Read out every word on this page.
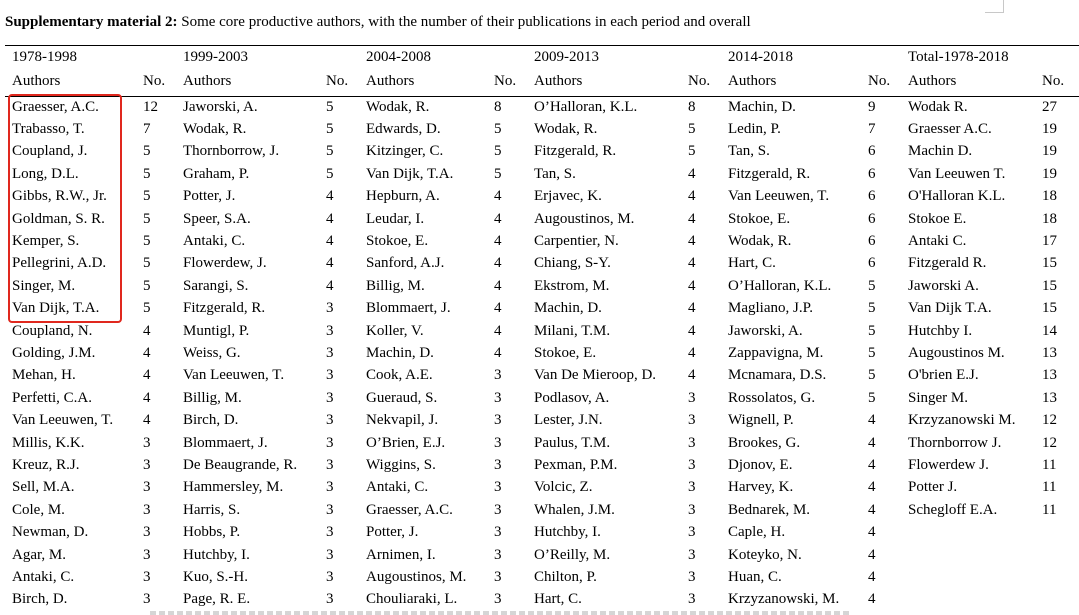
Supplementary material 2: Some core productive authors, with the number of their publications in each period and overall
1978-1998		1999-2003		2004-2008		2009-2013		2014-2018		Total-1978-2018	
Authors	No.	Authors	No.	Authors	No.	Authors	No.	Authors	No.	Authors	No.
Graesser, A.C.	12	Jaworski, A.	5	Wodak, R.	8	O’Halloran, K.L.	8	Machin, D.	9	Wodak R.	27
Trabasso, T.	7	Wodak, R.	5	Edwards, D.	5	Wodak, R.	5	Ledin, P.	7	Graesser A.C.	19
Coupland, J.	5	Thornborrow, J.	5	Kitzinger, C.	5	Fitzgerald, R.	5	Tan, S.	6	Machin D.	19
Long, D.L.	5	Graham, P.	5	Van Dijk, T.A.	5	Tan, S.	4	Fitzgerald, R.	6	Van Leeuwen T.	19
Gibbs, R.W., Jr.	5	Potter, J.	4	Hepburn, A.	4	Erjavec, K.	4	Van Leeuwen, T.	6	O'Halloran K.L.	18
Goldman, S. R.	5	Speer, S.A.	4	Leudar, I.	4	Augoustinos, M.	4	Stokoe, E.	6	Stokoe E.	18
Kemper, S.	5	Antaki, C.	4	Stokoe, E.	4	Carpentier, N.	4	Wodak, R.	6	Antaki C.	17
Pellegrini, A.D.	5	Flowerdew, J.	4	Sanford, A.J.	4	Chiang, S-Y.	4	Hart, C.	6	Fitzgerald R.	15
Singer, M.	5	Sarangi, S.	4	Billig, M.	4	Ekstrom, M.	4	O’Halloran, K.L.	5	Jaworski A.	15
Van Dijk, T.A.	5	Fitzgerald, R.	3	Blommaert, J.	4	Machin, D.	4	Magliano, J.P.	5	Van Dijk T.A.	15
Coupland, N.	4	Muntigl, P.	3	Koller, V.	4	Milani, T.M.	4	Jaworski, A.	5	Hutchby I.	14
Golding, J.M.	4	Weiss, G.	3	Machin, D.	4	Stokoe, E.	4	Zappavigna, M.	5	Augoustinos M.	13
Mehan, H.	4	Van Leeuwen, T.	3	Cook, A.E.	3	Van De Mieroop, D.	4	Mcnamara, D.S.	5	O'brien E.J.	13
Perfetti, C.A.	4	Billig, M.	3	Gueraud, S.	3	Podlasov, A.	3	Rossolatos, G.	5	Singer M.	13
Van Leeuwen, T.	4	Birch, D.	3	Nekvapil, J.	3	Lester, J.N.	3	Wignell, P.	4	Krzyzanowski M.	12
Millis, K.K.	3	Blommaert, J.	3	O’Brien, E.J.	3	Paulus, T.M.	3	Brookes, G.	4	Thornborrow J.	12
Kreuz, R.J.	3	De Beaugrande, R.	3	Wiggins, S.	3	Pexman, P.M.	3	Djonov, E.	4	Flowerdew J.	11
Sell, M.A.	3	Hammersley, M.	3	Antaki, C.	3	Volcic, Z.	3	Harvey, K.	4	Potter J.	11
Cole, M.	3	Harris, S.	3	Graesser, A.C.	3	Whalen, J.M.	3	Bednarek, M.	4	Schegloff E.A.	11
Newman, D.	3	Hobbs, P.	3	Potter, J.	3	Hutchby, I.	3	Caple, H.	4		
Agar, M.	3	Hutchby, I.	3	Arnimen, I.	3	O’Reilly, M.	3	Koteyko, N.	4		
Antaki, C.	3	Kuo, S.-H.	3	Augoustinos, M.	3	Chilton, P.	3	Huan, C.	4		
Birch, D.	3	Page, R. E.	3	Chouliaraki, L.	3	Hart, C.	3	Krzyzanowski, M.	4		
